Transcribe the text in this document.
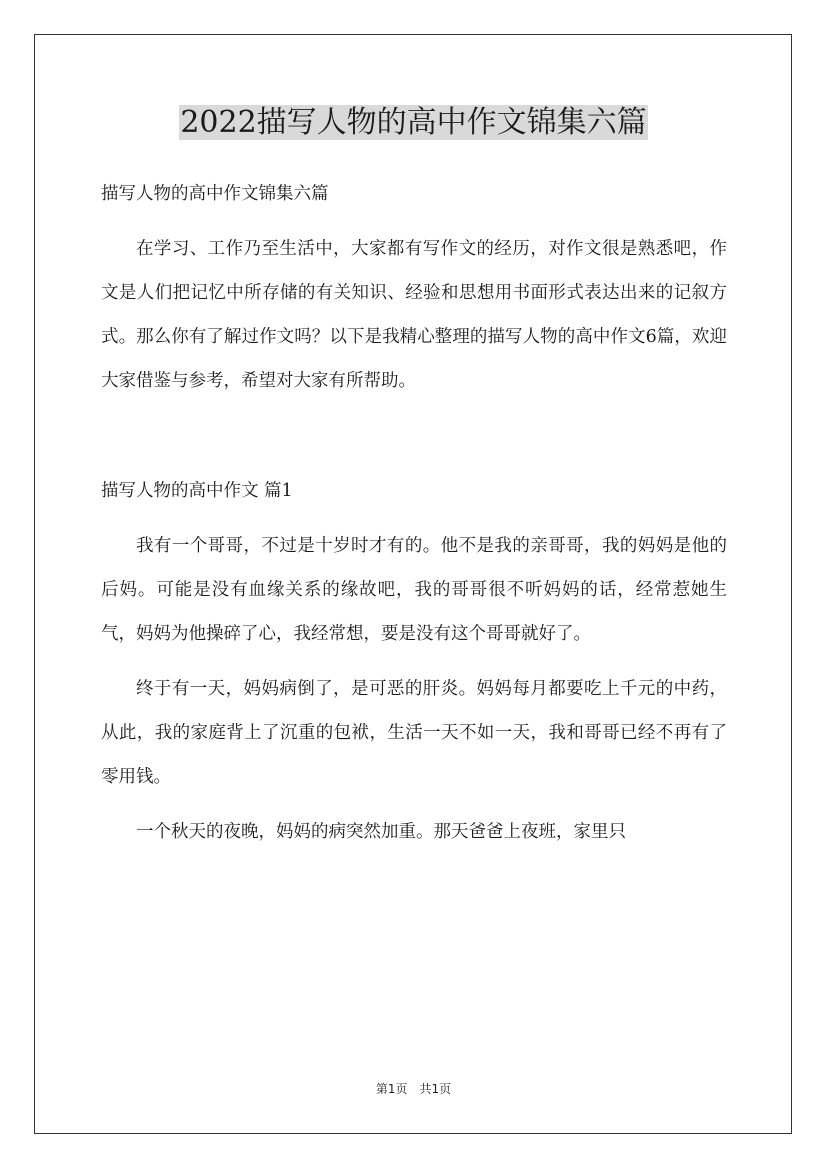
2022描写人物的高中作文锦集六篇

描写人物的高中作文锦集六篇

在学习、工作乃至生活中，大家都有写作文的经历，对作文很是熟悉吧，作文是人们把记忆中所存储的有关知识、经验和思想用书面形式表达出来的记叙方式。那么你有了解过作文吗？以下是我精心整理的描写人物的高中作文6篇，欢迎大家借鉴与参考，希望对大家有所帮助。

描写人物的高中作文 篇1

我有一个哥哥，不过是十岁时才有的。他不是我的亲哥哥，我的妈妈是他的后妈。可能是没有血缘关系的缘故吧，我的哥哥很不听妈妈的话，经常惹她生气，妈妈为他操碎了心，我经常想，要是没有这个哥哥就好了。

终于有一天，妈妈病倒了，是可恶的肝炎。妈妈每月都要吃上千元的中药，从此，我的家庭背上了沉重的包袱，生活一天不如一天，我和哥哥已经不再有了零用钱。

一个秋天的夜晚，妈妈的病突然加重。那天爸爸上夜班，家里只

第1页　共1页
